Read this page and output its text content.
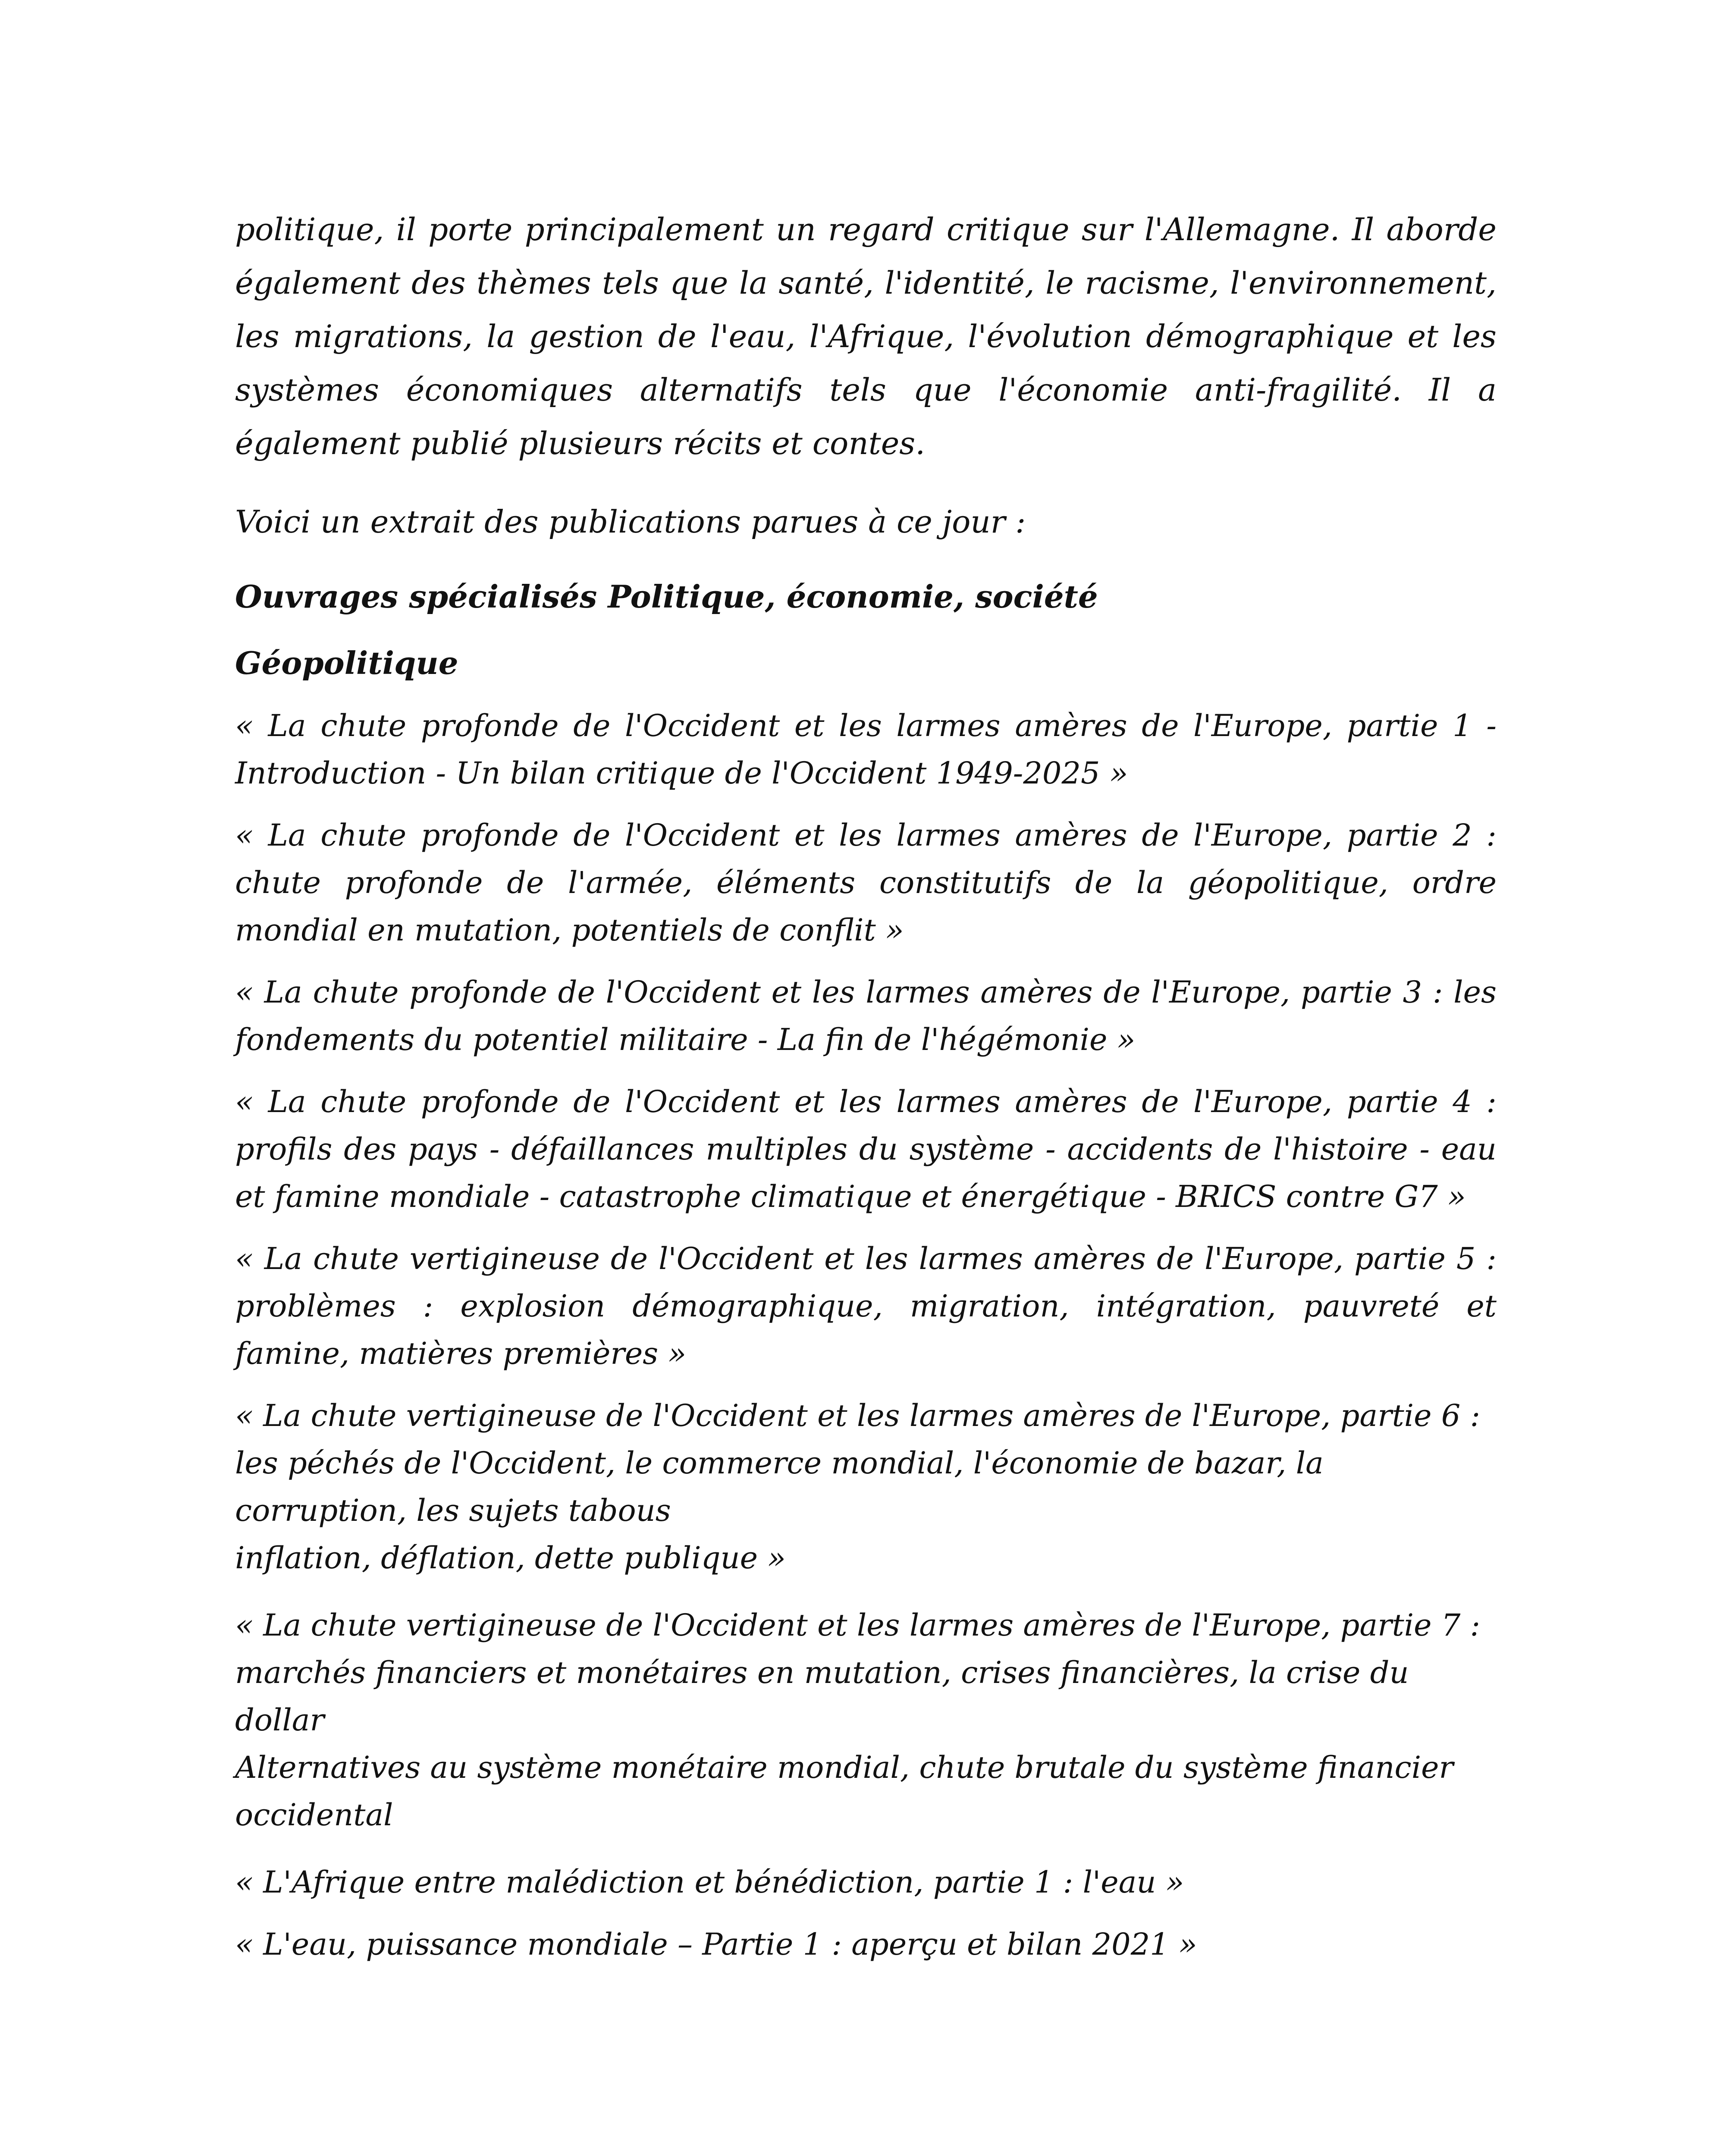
politique, il porte principalement un regard critique sur l'Allemagne. Il aborde également des thèmes tels que la santé, l'identité, le racisme, l'environnement, les migrations, la gestion de l'eau, l'Afrique, l'évolution démographique et les systèmes économiques alternatifs tels que l'économie anti-fragilité. Il a également publié plusieurs récits et contes.

Voici un extrait des publications parues à ce jour :

Ouvrages spécialisés Politique, économie, société

Géopolitique

« La chute profonde de l'Occident et les larmes amères de l'Europe, partie 1 - Introduction - Un bilan critique de l'Occident 1949-2025 »
« La chute profonde de l'Occident et les larmes amères de l'Europe, partie 2 : chute profonde de l'armée, éléments constitutifs de la géopolitique, ordre mondial en mutation, potentiels de conflit »
« La chute profonde de l'Occident et les larmes amères de l'Europe, partie 3 : les fondements du potentiel militaire - La fin de l'hégémonie »
« La chute profonde de l'Occident et les larmes amères de l'Europe, partie 4 : profils des pays - défaillances multiples du système - accidents de l'histoire - eau et famine mondiale - catastrophe climatique et énergétique - BRICS contre G7 »
« La chute vertigineuse de l'Occident et les larmes amères de l'Europe, partie 5 : problèmes : explosion démographique, migration, intégration, pauvreté et famine, matières premières »
« La chute vertigineuse de l'Occident et les larmes amères de l'Europe, partie 6 : les péchés de l'Occident, le commerce mondial, l'économie de bazar, la corruption, les sujets tabous
inflation, déflation, dette publique »
« La chute vertigineuse de l'Occident et les larmes amères de l'Europe, partie 7 : marchés financiers et monétaires en mutation, crises financières, la crise du dollar
Alternatives au système monétaire mondial, chute brutale du système financier occidental
« L'Afrique entre malédiction et bénédiction, partie 1 : l'eau »
« L'eau, puissance mondiale – Partie 1 : aperçu et bilan 2021 »
